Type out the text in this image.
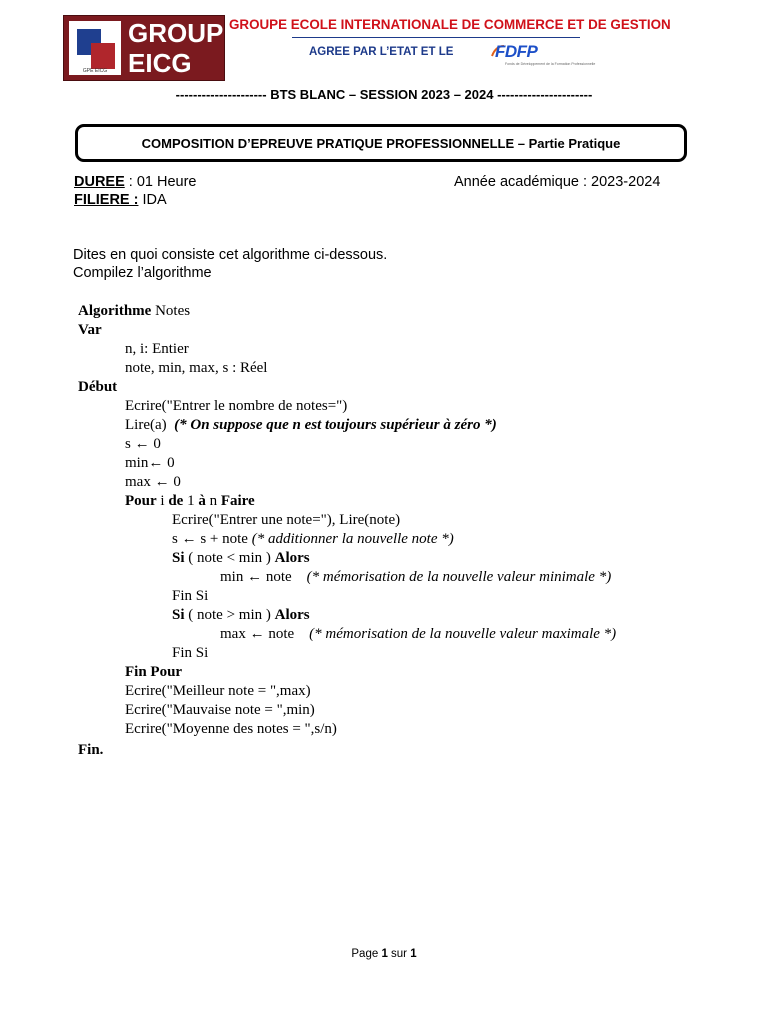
GPE EICG
GROUPE
EICG
GROUPE ECOLE INTERNATIONALE DE COMMERCE ET DE GESTION
AGREE PAR L’ETAT ET LE FDFP
Fonds de Développement de la Formation Professionnelle
--------------------- BTS BLANC – SESSION 2023 – 2024 ----------------------
COMPOSITION D’EPREUVE PRATIQUE PROFESSIONNELLE – Partie Pratique
DUREE : 01 Heure
FILIERE : IDA
Année académique : 2023-2024
Dites en quoi consiste cet algorithme ci-dessous.
Compilez l’algorithme
Algorithme Notes
Var
n, i: Entier
note, min, max, s : Réel
Début
Ecrire("Entrer le nombre de notes=")
Lire(a) (* On suppose que n est toujours supérieur à zéro *)
s ← 0
min← 0
max ← 0
Pour i de 1 à n Faire
Ecrire("Entrer une note="), Lire(note)
s ← s + note (* additionner la nouvelle note *)
Si ( note < min ) Alors
min ← note (* mémorisation de la nouvelle valeur minimale *)
Fin Si
Si ( note > min ) Alors
max ← note (* mémorisation de la nouvelle valeur maximale *)
Fin Si
Fin Pour
Ecrire("Meilleur note = ",max)
Ecrire("Mauvaise note = ",min)
Ecrire("Moyenne des notes = ",s/n)
Fin.
Page 1 sur 1
